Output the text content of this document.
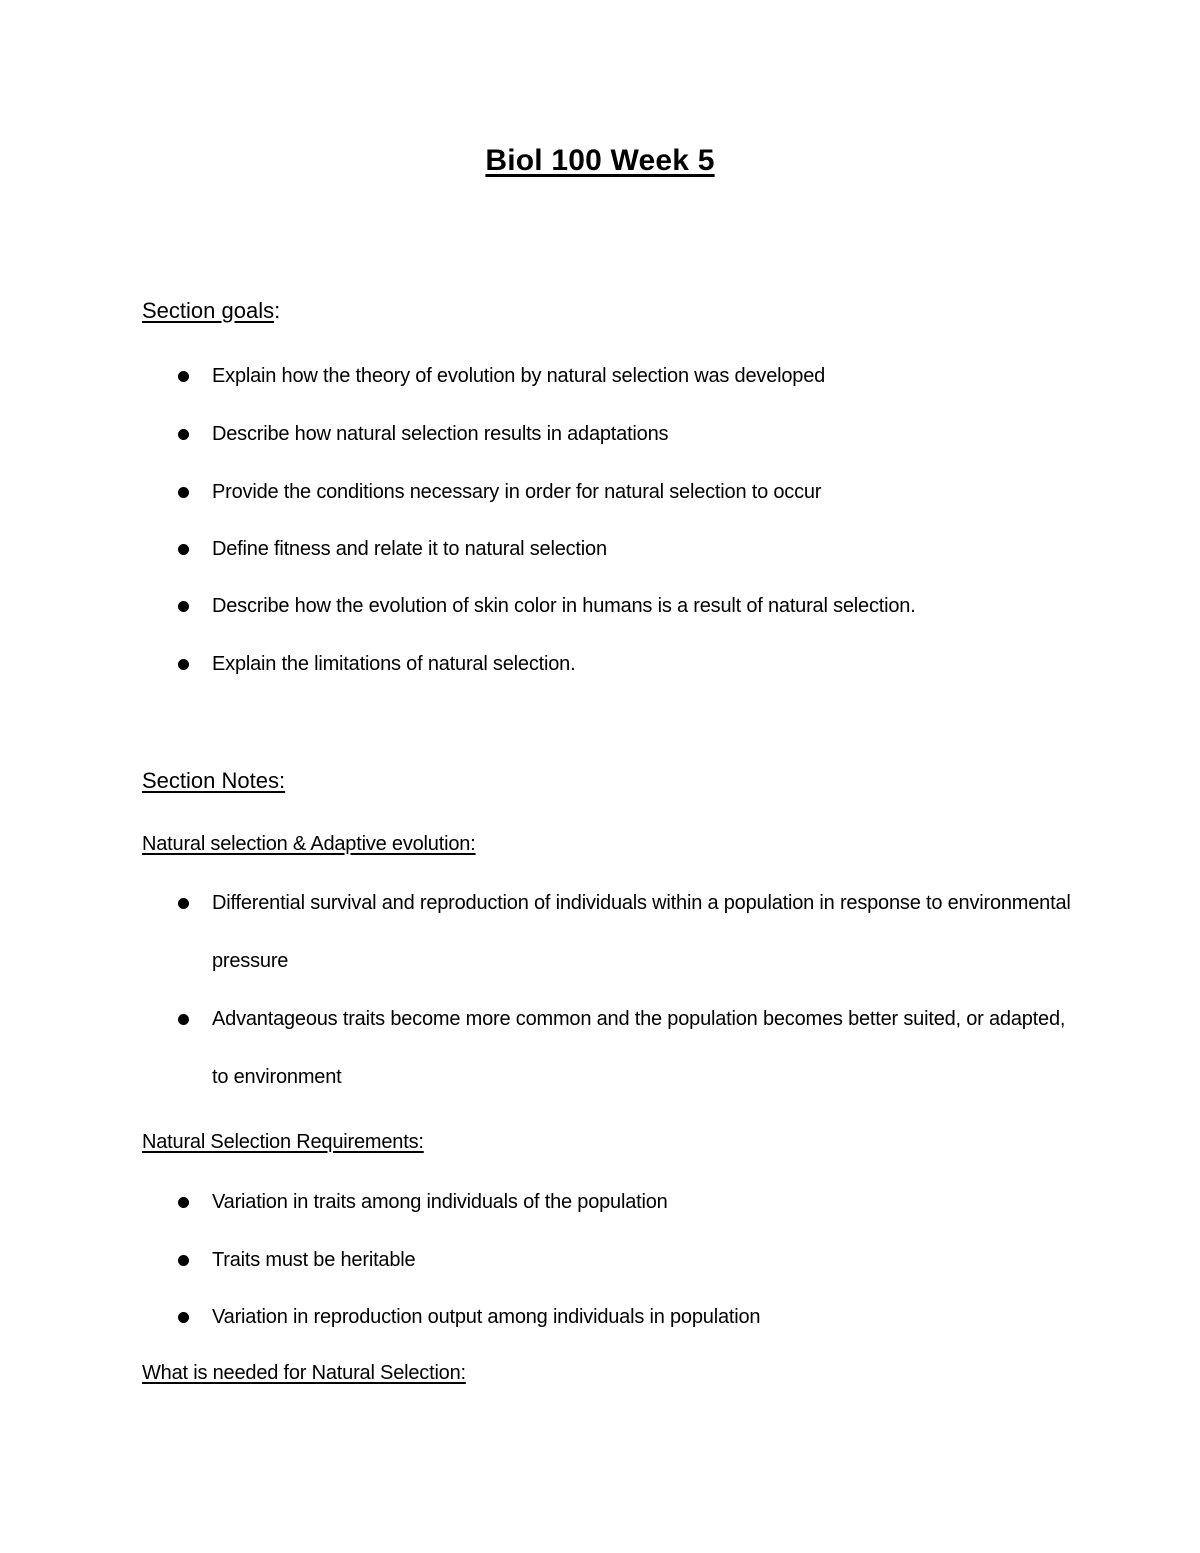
Biol 100 Week 5
Section goals:
Explain how the theory of evolution by natural selection was developed
Describe how natural selection results in adaptations
Provide the conditions necessary in order for natural selection to occur
Define fitness and relate it to natural selection
Describe how the evolution of skin color in humans is a result of natural selection.
Explain the limitations of natural selection.
Section Notes:
Natural selection & Adaptive evolution:
Differential survival and reproduction of individuals within a population in response to environmental pressure
Advantageous traits become more common and the population becomes better suited, or adapted, to environment
Natural Selection Requirements:
Variation in traits among individuals of the population
Traits must be heritable
Variation in reproduction output among individuals in population
What is needed for Natural Selection:
